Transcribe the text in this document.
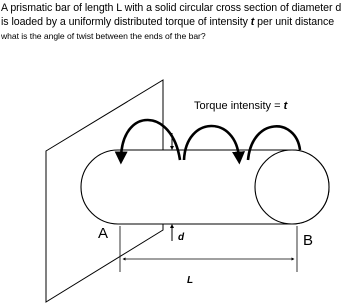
A prismatic bar of length L with a solid circular cross section of diameter d is loaded by a uniformly distributed torque of intensity t per unit distance what is the angle of twist between the ends of the bar?
Torque intensity = t
d
A	B
L
